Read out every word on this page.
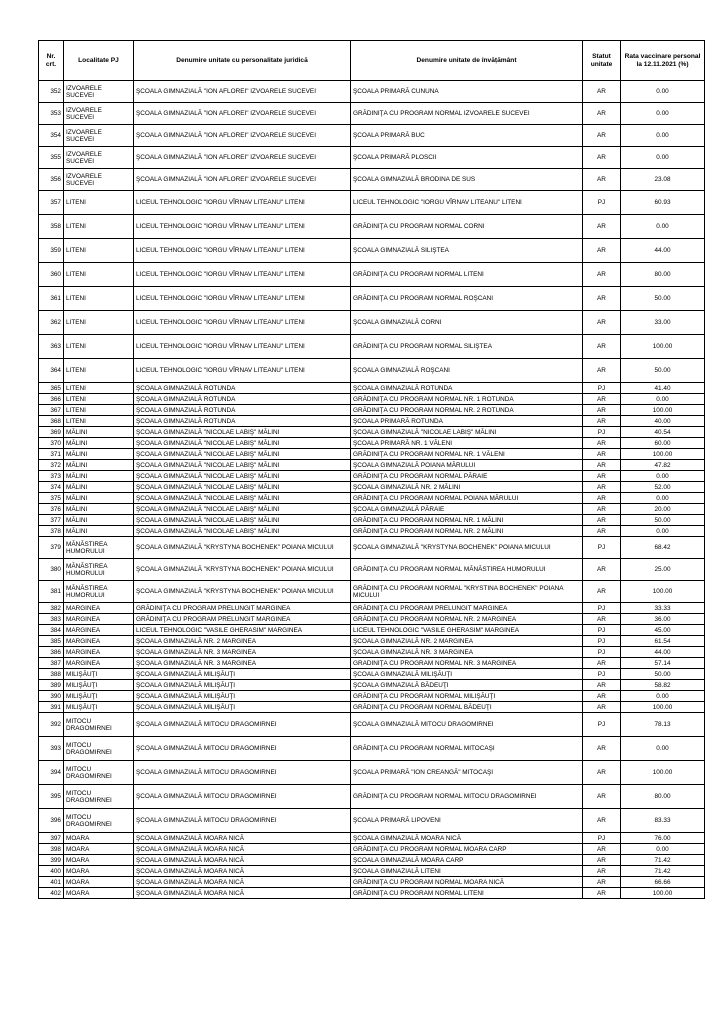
Nr. crt.	Localitate PJ	Denumire unitate cu personalitate juridică	Denumire unitate de învățământ	Statut unitate	Rata vaccinare personal la 12.11.2021 (%)
352	IZVOARELE SUCEVEI	ŞCOALA GIMNAZIALĂ "ION AFLOREI" IZVOARELE SUCEVEI	ŞCOALA PRIMARĂ CUNUNA	AR	0.00
353	IZVOARELE SUCEVEI	ŞCOALA GIMNAZIALĂ "ION AFLOREI" IZVOARELE SUCEVEI	GRĂDINIŢA CU PROGRAM NORMAL IZVOARELE SUCEVEI	AR	0.00
354	IZVOARELE SUCEVEI	ŞCOALA GIMNAZIALĂ "ION AFLOREI" IZVOARELE SUCEVEI	ŞCOALA PRIMARĂ BUC	AR	0.00
355	IZVOARELE SUCEVEI	ŞCOALA GIMNAZIALĂ "ION AFLOREI" IZVOARELE SUCEVEI	ŞCOALA PRIMARĂ PLOSCII	AR	0.00
356	IZVOARELE SUCEVEI	ŞCOALA GIMNAZIALĂ "ION AFLOREI" IZVOARELE SUCEVEI	ŞCOALA GIMNAZIALĂ BRODINA DE SUS	AR	23.08
357	LITENI	LICEUL TEHNOLOGIC "IORGU VÎRNAV LITEANU" LITENI	LICEUL TEHNOLOGIC "IORGU VÎRNAV LITEANU" LITENI	PJ	60.93
358	LITENI	LICEUL TEHNOLOGIC "IORGU VÎRNAV LITEANU" LITENI	GRĂDINIŢA CU PROGRAM NORMAL CORNI	AR	0.00
359	LITENI	LICEUL TEHNOLOGIC "IORGU VÎRNAV LITEANU" LITENI	ŞCOALA GIMNAZIALĂ SILIŞTEA	AR	44.00
360	LITENI	LICEUL TEHNOLOGIC "IORGU VÎRNAV LITEANU" LITENI	GRĂDINIŢA CU PROGRAM NORMAL LITENI	AR	80.00
361	LITENI	LICEUL TEHNOLOGIC "IORGU VÎRNAV LITEANU" LITENI	GRĂDINIŢA CU PROGRAM NORMAL ROŞCANI	AR	50.00
362	LITENI	LICEUL TEHNOLOGIC "IORGU VÎRNAV LITEANU" LITENI	ŞCOALA GIMNAZIALĂ CORNI	AR	33.00
363	LITENI	LICEUL TEHNOLOGIC "IORGU VÎRNAV LITEANU" LITENI	GRĂDINIŢA CU PROGRAM NORMAL SILIŞTEA	AR	100.00
364	LITENI	LICEUL TEHNOLOGIC "IORGU VÎRNAV LITEANU" LITENI	ŞCOALA GIMNAZIALĂ ROŞCANI	AR	50.00
365	LITENI	ŞCOALA GIMNAZIALĂ ROTUNDA	ŞCOALA GIMNAZIALĂ ROTUNDA	PJ	41.40
366	LITENI	ŞCOALA GIMNAZIALĂ ROTUNDA	GRĂDINIŢA CU PROGRAM NORMAL NR. 1 ROTUNDA	AR	0.00
367	LITENI	ŞCOALA GIMNAZIALĂ ROTUNDA	GRĂDINIŢA CU PROGRAM NORMAL NR. 2 ROTUNDA	AR	100.00
368	LITENI	ŞCOALA GIMNAZIALĂ ROTUNDA	ŞCOALA PRIMARĂ ROTUNDA	AR	40.00
369	MĂLINI	ŞCOALA GIMNAZIALĂ "NICOLAE LABIŞ" MĂLINI	ŞCOALA GIMNAZIALĂ "NICOLAE LABIŞ" MĂLINI	PJ	40.54
370	MĂLINI	ŞCOALA GIMNAZIALĂ "NICOLAE LABIŞ" MĂLINI	ŞCOALA PRIMARĂ NR. 1 VĂLENI	AR	60.00
371	MĂLINI	ŞCOALA GIMNAZIALĂ "NICOLAE LABIŞ" MĂLINI	GRĂDINIŢA CU PROGRAM NORMAL NR. 1 VĂLENI	AR	100.00
372	MĂLINI	ŞCOALA GIMNAZIALĂ "NICOLAE LABIŞ" MĂLINI	ŞCOALA GIMNAZIALĂ POIANA MĂRULUI	AR	47.82
373	MĂLINI	ŞCOALA GIMNAZIALĂ "NICOLAE LABIŞ" MĂLINI	GRĂDINIŢA CU PROGRAM NORMAL PĂRAIE	AR	0.00
374	MĂLINI	ŞCOALA GIMNAZIALĂ "NICOLAE LABIŞ" MĂLINI	ŞCOALA GIMNAZIALĂ NR. 2 MĂLINI	AR	52.00
375	MĂLINI	ŞCOALA GIMNAZIALĂ "NICOLAE LABIŞ" MĂLINI	GRĂDINIŢA CU PROGRAM NORMAL POIANA MĂRULUI	AR	0.00
376	MĂLINI	ŞCOALA GIMNAZIALĂ "NICOLAE LABIŞ" MĂLINI	ŞCOALA GIMNAZIALĂ PĂRAIE	AR	20.00
377	MĂLINI	ŞCOALA GIMNAZIALĂ "NICOLAE LABIŞ" MĂLINI	GRĂDINIŢA CU PROGRAM NORMAL NR. 1 MĂLINI	AR	50.00
378	MĂLINI	ŞCOALA GIMNAZIALĂ "NICOLAE LABIŞ" MĂLINI	GRĂDINIŢA CU PROGRAM NORMAL NR. 2 MĂLINI	AR	0.00
379	MĂNĂSTIREA HUMORULUI	ŞCOALA GIMNAZIALĂ "KRYSTYNA BOCHENEK" POIANA MICULUI	ŞCOALA GIMNAZIALĂ "KRYSTYNA BOCHENEK" POIANA MICULUI	PJ	68.42
380	MĂNĂSTIREA HUMORULUI	ŞCOALA GIMNAZIALĂ "KRYSTYNA BOCHENEK" POIANA MICULUI	GRĂDINIŢA CU PROGRAM NORMAL MĂNĂSTIREA HUMORULUI	AR	25.00
381	MĂNĂSTIREA HUMORULUI	ŞCOALA GIMNAZIALĂ "KRYSTYNA BOCHENEK" POIANA MICULUI	GRĂDINIŢA CU PROGRAM NORMAL "KRYSTINA BOCHENEK" POIANA MICULUI	AR	100.00
382	MARGINEA	GRĂDINIŢA CU PROGRAM PRELUNGIT MARGINEA	GRĂDINIŢA CU PROGRAM PRELUNGIT MARGINEA	PJ	33.33
383	MARGINEA	GRĂDINIŢA CU PROGRAM PRELUNGIT MARGINEA	GRĂDINIŢA CU PROGRAM NORMAL NR. 2 MARGINEA	AR	36.00
384	MARGINEA	LICEUL TEHNOLOGIC "VASILE GHERASIM" MARGINEA	LICEUL TEHNOLOGIC "VASILE GHERASIM" MARGINEA	PJ	45.00
385	MARGINEA	ŞCOALA GIMNAZIALĂ NR. 2 MARGINEA	ŞCOALA GIMNAZIALĂ NR. 2 MARGINEA	PJ	61.54
386	MARGINEA	ŞCOALA GIMNAZIALĂ NR. 3 MARGINEA	ŞCOALA GIMNAZIALĂ NR. 3 MARGINEA	PJ	44.00
387	MARGINEA	ŞCOALA GIMNAZIALĂ NR. 3 MARGINEA	GRADINIŢA CU PROGRAM NORMAL NR. 3 MARGINEA	AR	57.14
388	MILIŞĂUŢI	ŞCOALA GIMNAZIALĂ MILIŞĂUŢI	ŞCOALA GIMNAZIALĂ MILIŞĂUŢI	PJ	50.00
389	MILIŞĂUŢI	ŞCOALA GIMNAZIALĂ MILIŞĂUŢI	ŞCOALA GIMNAZIALĂ BĂDEUŢI	AR	58.82
390	MILIŞĂUŢI	ŞCOALA GIMNAZIALĂ MILIŞĂUŢI	GRĂDINIŢA CU PROGRAM NORMAL MILIŞĂUŢI	AR	0.00
391	MILIŞĂUŢI	ŞCOALA GIMNAZIALĂ MILIŞĂUŢI	GRĂDINIŢA CU PROGRAM NORMAL BĂDEUŢI	AR	100.00
392	MITOCU DRAGOMIRNEI	ŞCOALA GIMNAZIALĂ MITOCU DRAGOMIRNEI	ŞCOALA GIMNAZIALĂ MITOCU DRAGOMIRNEI	PJ	78.13
393	MITOCU DRAGOMIRNEI	ŞCOALA GIMNAZIALĂ MITOCU DRAGOMIRNEI	GRĂDINIŢA CU PROGRAM NORMAL MITOCAŞI	AR	0.00
394	MITOCU DRAGOMIRNEI	ŞCOALA GIMNAZIALĂ MITOCU DRAGOMIRNEI	ŞCOALA PRIMARĂ "ION CREANGĂ" MITOCAŞI	AR	100.00
395	MITOCU DRAGOMIRNEI	ŞCOALA GIMNAZIALĂ MITOCU DRAGOMIRNEI	GRĂDINIŢA CU PROGRAM NORMAL MITOCU DRAGOMIRNEI	AR	80.00
396	MITOCU DRAGOMIRNEI	ŞCOALA GIMNAZIALĂ MITOCU DRAGOMIRNEI	ŞCOALA PRIMARĂ LIPOVENI	AR	83.33
397	MOARA	ŞCOALA GIMNAZIALĂ MOARA NICĂ	ŞCOALA GIMNAZIALĂ MOARA NICĂ	PJ	76.00
398	MOARA	ŞCOALA GIMNAZIALĂ MOARA NICĂ	GRĂDINIŢA CU PROGRAM NORMAL MOARA CARP	AR	0.00
399	MOARA	ŞCOALA GIMNAZIALĂ MOARA NICĂ	ŞCOALA GIMNAZIALĂ MOARA CARP	AR	71.42
400	MOARA	ŞCOALA GIMNAZIALĂ MOARA NICĂ	ŞCOALA GIMNAZIALĂ LITENI	AR	71.42
401	MOARA	ŞCOALA GIMNAZIALĂ MOARA NICĂ	GRĂDINIŢA CU PROGRAM NORMAL MOARA NICĂ	AR	66.66
402	MOARA	ŞCOALA GIMNAZIALĂ MOARA NICĂ	GRĂDINIŢA CU PROGRAM NORMAL LITENI	AR	100.00
